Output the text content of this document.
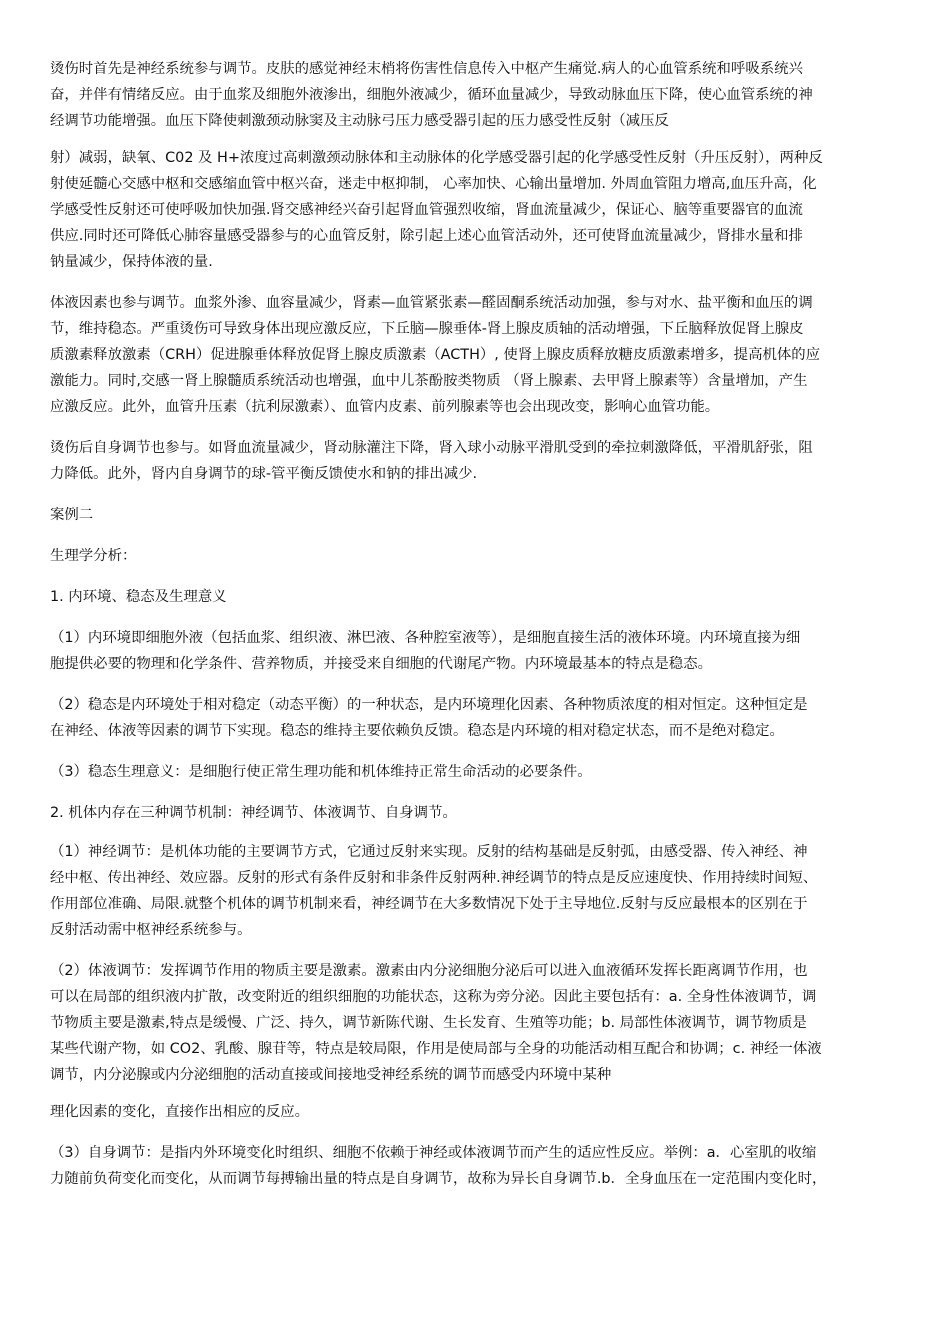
烫伤时首先是神经系统参与调节。皮肤的感觉神经末梢将伤害性信息传入中枢产生痛觉.病人的心血管系统和呼吸系统兴
奋，并伴有情绪反应。由于血浆及细胞外液渗出，细胞外液减少，循环血量减少，导致动脉血压下降，使心血管系统的神
经调节功能增强。血压下降使刺激颈动脉窦及主动脉弓压力感受器引起的压力感受性反射（减压反

射）减弱，缺氧、C02 及 H+浓度过高刺激颈动脉体和主动脉体的化学感受器引起的化学感受性反射（升压反射），两种反
射使延髓心交感中枢和交感缩血管中枢兴奋，迷走中枢抑制， 心率加快、心输出量增加. 外周血管阻力增高,血压升高，化
学感受性反射还可使呼吸加快加强.肾交感神经兴奋引起肾血管强烈收缩，肾血流量减少，保证心、脑等重要器官的血流
供应.同时还可降低心肺容量感受器参与的心血管反射，除引起上述心血管活动外，还可使肾血流量减少，肾排水量和排
钠量减少，保持体液的量.

体液因素也参与调节。血浆外渗、血容量减少，肾素—血管紧张素—醛固酮系统活动加强，参与对水、盐平衡和血压的调
节，维持稳态。严重烫伤可导致身体出现应激反应，下丘脑—腺垂体-肾上腺皮质轴的活动增强，下丘脑释放促肾上腺皮
质激素释放激素（CRH）促进腺垂体释放促肾上腺皮质激素（ACTH）, 使肾上腺皮质释放糖皮质激素增多，提高机体的应
激能力。同时,交感一肾上腺髓质系统活动也增强，血中儿茶酚胺类物质 （肾上腺素、去甲肾上腺素等）含量增加，产生
应激反应。此外，血管升压素（抗利尿激素）、血管内皮素、前列腺素等也会出现改变，影响心血管功能。

烫伤后自身调节也参与。如肾血流量减少，肾动脉灌注下降，肾入球小动脉平滑肌受到的牵拉刺激降低，平滑肌舒张，阻
力降低。此外，肾内自身调节的球-管平衡反馈使水和钠的排出减少.

案例二

生理学分析：

1. 内环境、稳态及生理意义

（1）内环境即细胞外液（包括血浆、组织液、淋巴液、各种腔室液等），是细胞直接生活的液体环境。内环境直接为细
胞提供必要的物理和化学条件、营养物质，并接受来自细胞的代谢尾产物。内环境最基本的特点是稳态。

（2）稳态是内环境处于相对稳定（动态平衡）的一种状态，是内环境理化因素、各种物质浓度的相对恒定。这种恒定是
在神经、体液等因素的调节下实现。稳态的维持主要依赖负反馈。稳态是内环境的相对稳定状态，而不是绝对稳定。

（3）稳态生理意义：是细胞行使正常生理功能和机体维持正常生命活动的必要条件。

2. 机体内存在三种调节机制：神经调节、体液调节、自身调节。

（1）神经调节：是机体功能的主要调节方式，它通过反射来实现。反射的结构基础是反射弧，由感受器、传入神经、神
经中枢、传出神经、效应器。反射的形式有条件反射和非条件反射两种.神经调节的特点是反应速度快、作用持续时间短、
作用部位准确、局限.就整个机体的调节机制来看，神经调节在大多数情况下处于主导地位.反射与反应最根本的区别在于
反射活动需中枢神经系统参与。

（2）体液调节：发挥调节作用的物质主要是激素。激素由内分泌细胞分泌后可以进入血液循环发挥长距离调节作用，也
可以在局部的组织液内扩散，改变附近的组织细胞的功能状态，这称为旁分泌。因此主要包括有：a. 全身性体液调节，调
节物质主要是激素,特点是缓慢、广泛、持久，调节新陈代谢、生长发育、生殖等功能；b. 局部性体液调节，调节物质是
某些代谢产物，如 CO2、乳酸、腺苷等，特点是较局限，作用是使局部与全身的功能活动相互配合和协调；c. 神经一体液
调节，内分泌腺或内分泌细胞的活动直接或间接地受神经系统的调节而感受内环境中某种

理化因素的变化，直接作出相应的反应。

（3）自身调节：是指内外环境变化时组织、细胞不依赖于神经或体液调节而产生的适应性反应。举例：a．心室肌的收缩
力随前负荷变化而变化，从而调节每搏输出量的特点是自身调节，故称为异长自身调节.b．全身血压在一定范围内变化时，
